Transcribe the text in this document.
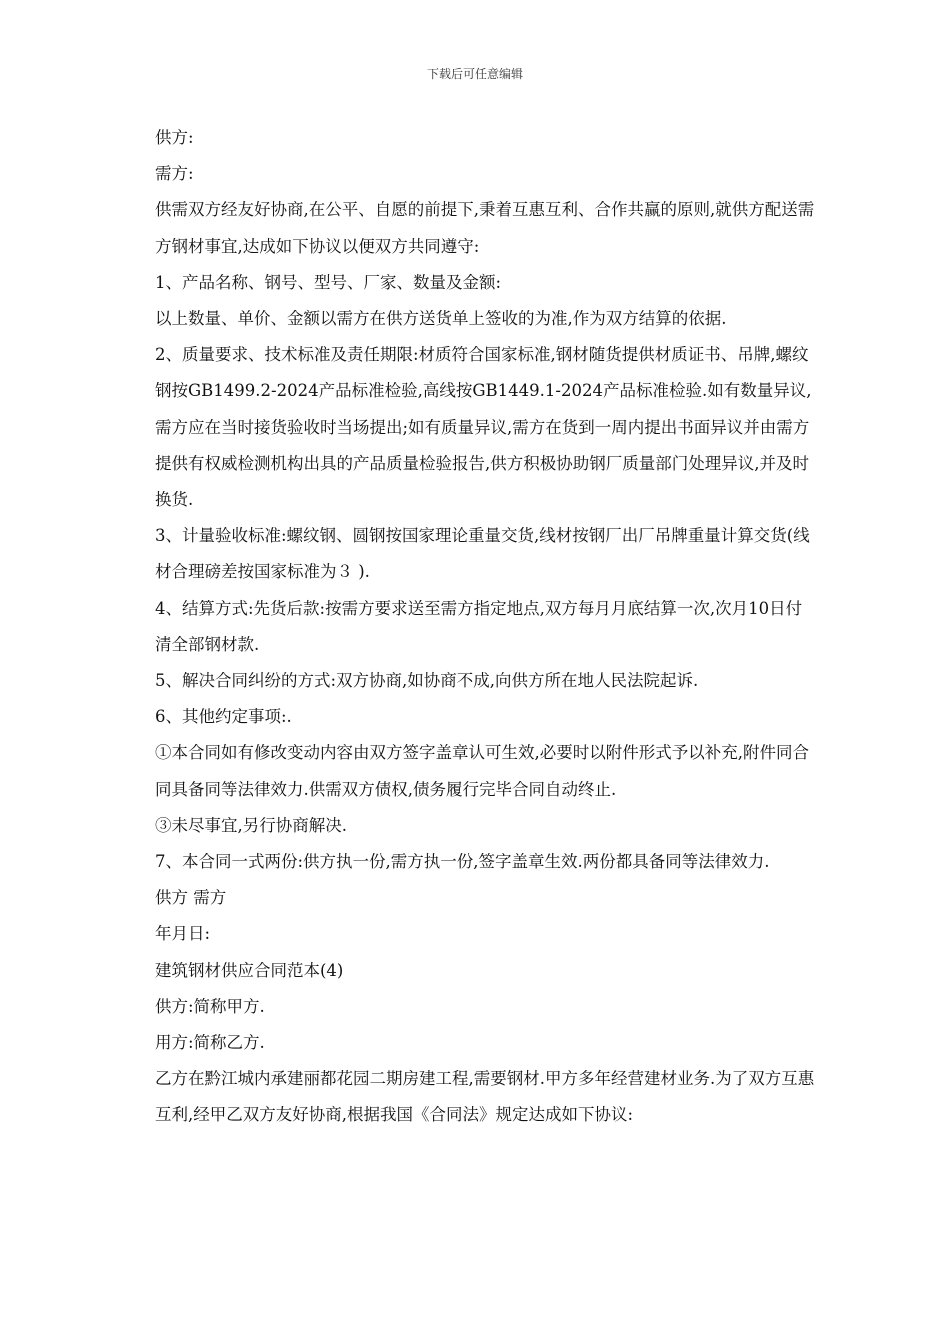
下载后可任意编辑

供方:

需方:

供需双方经友好协商,在公平、自愿的前提下,秉着互惠互利、合作共赢的原则,就供方配送需方钢材事宜,达成如下协议以便双方共同遵守:

1、产品名称、钢号、型号、厂家、数量及金额:

以上数量、单价、金额以需方在供方送货单上签收的为准,作为双方结算的依据.

2、质量要求、技术标准及责任期限:材质符合国家标准,钢材随货提供材质证书、吊牌,螺纹钢按GB1499.2-2024产品标准检验,高线按GB1449.1-2024产品标准检验.如有数量异议,需方应在当时接货验收时当场提出;如有质量异议,需方在货到一周内提出书面异议并由需方提供有权威检测机构出具的产品质量检验报告,供方积极协助钢厂质量部门处理异议,并及时换货.

3、计量验收标准:螺纹钢、圆钢按国家理论重量交货,线材按钢厂出厂吊牌重量计算交货(线材合理磅差按国家标准为３ ).

4、结算方式:先货后款:按需方要求送至需方指定地点,双方每月月底结算一次,次月10日付清全部钢材款.

5、解决合同纠纷的方式:双方协商,如协商不成,向供方所在地人民法院起诉.

6、其他约定事项:.

①本合同如有修改变动内容由双方签字盖章认可生效,必要时以附件形式予以补充,附件同合同具备同等法律效力.供需双方债权,债务履行完毕合同自动终止.

③未尽事宜,另行协商解决.

7、本合同一式两份:供方执一份,需方执一份,签字盖章生效.两份都具备同等法律效力.

供方 需方

年月日:

建筑钢材供应合同范本(4)

供方:简称甲方.

用方:简称乙方.

乙方在黔江城内承建丽都花园二期房建工程,需要钢材.甲方多年经营建材业务.为了双方互惠互利,经甲乙双方友好协商,根据我国《合同法》规定达成如下协议:
